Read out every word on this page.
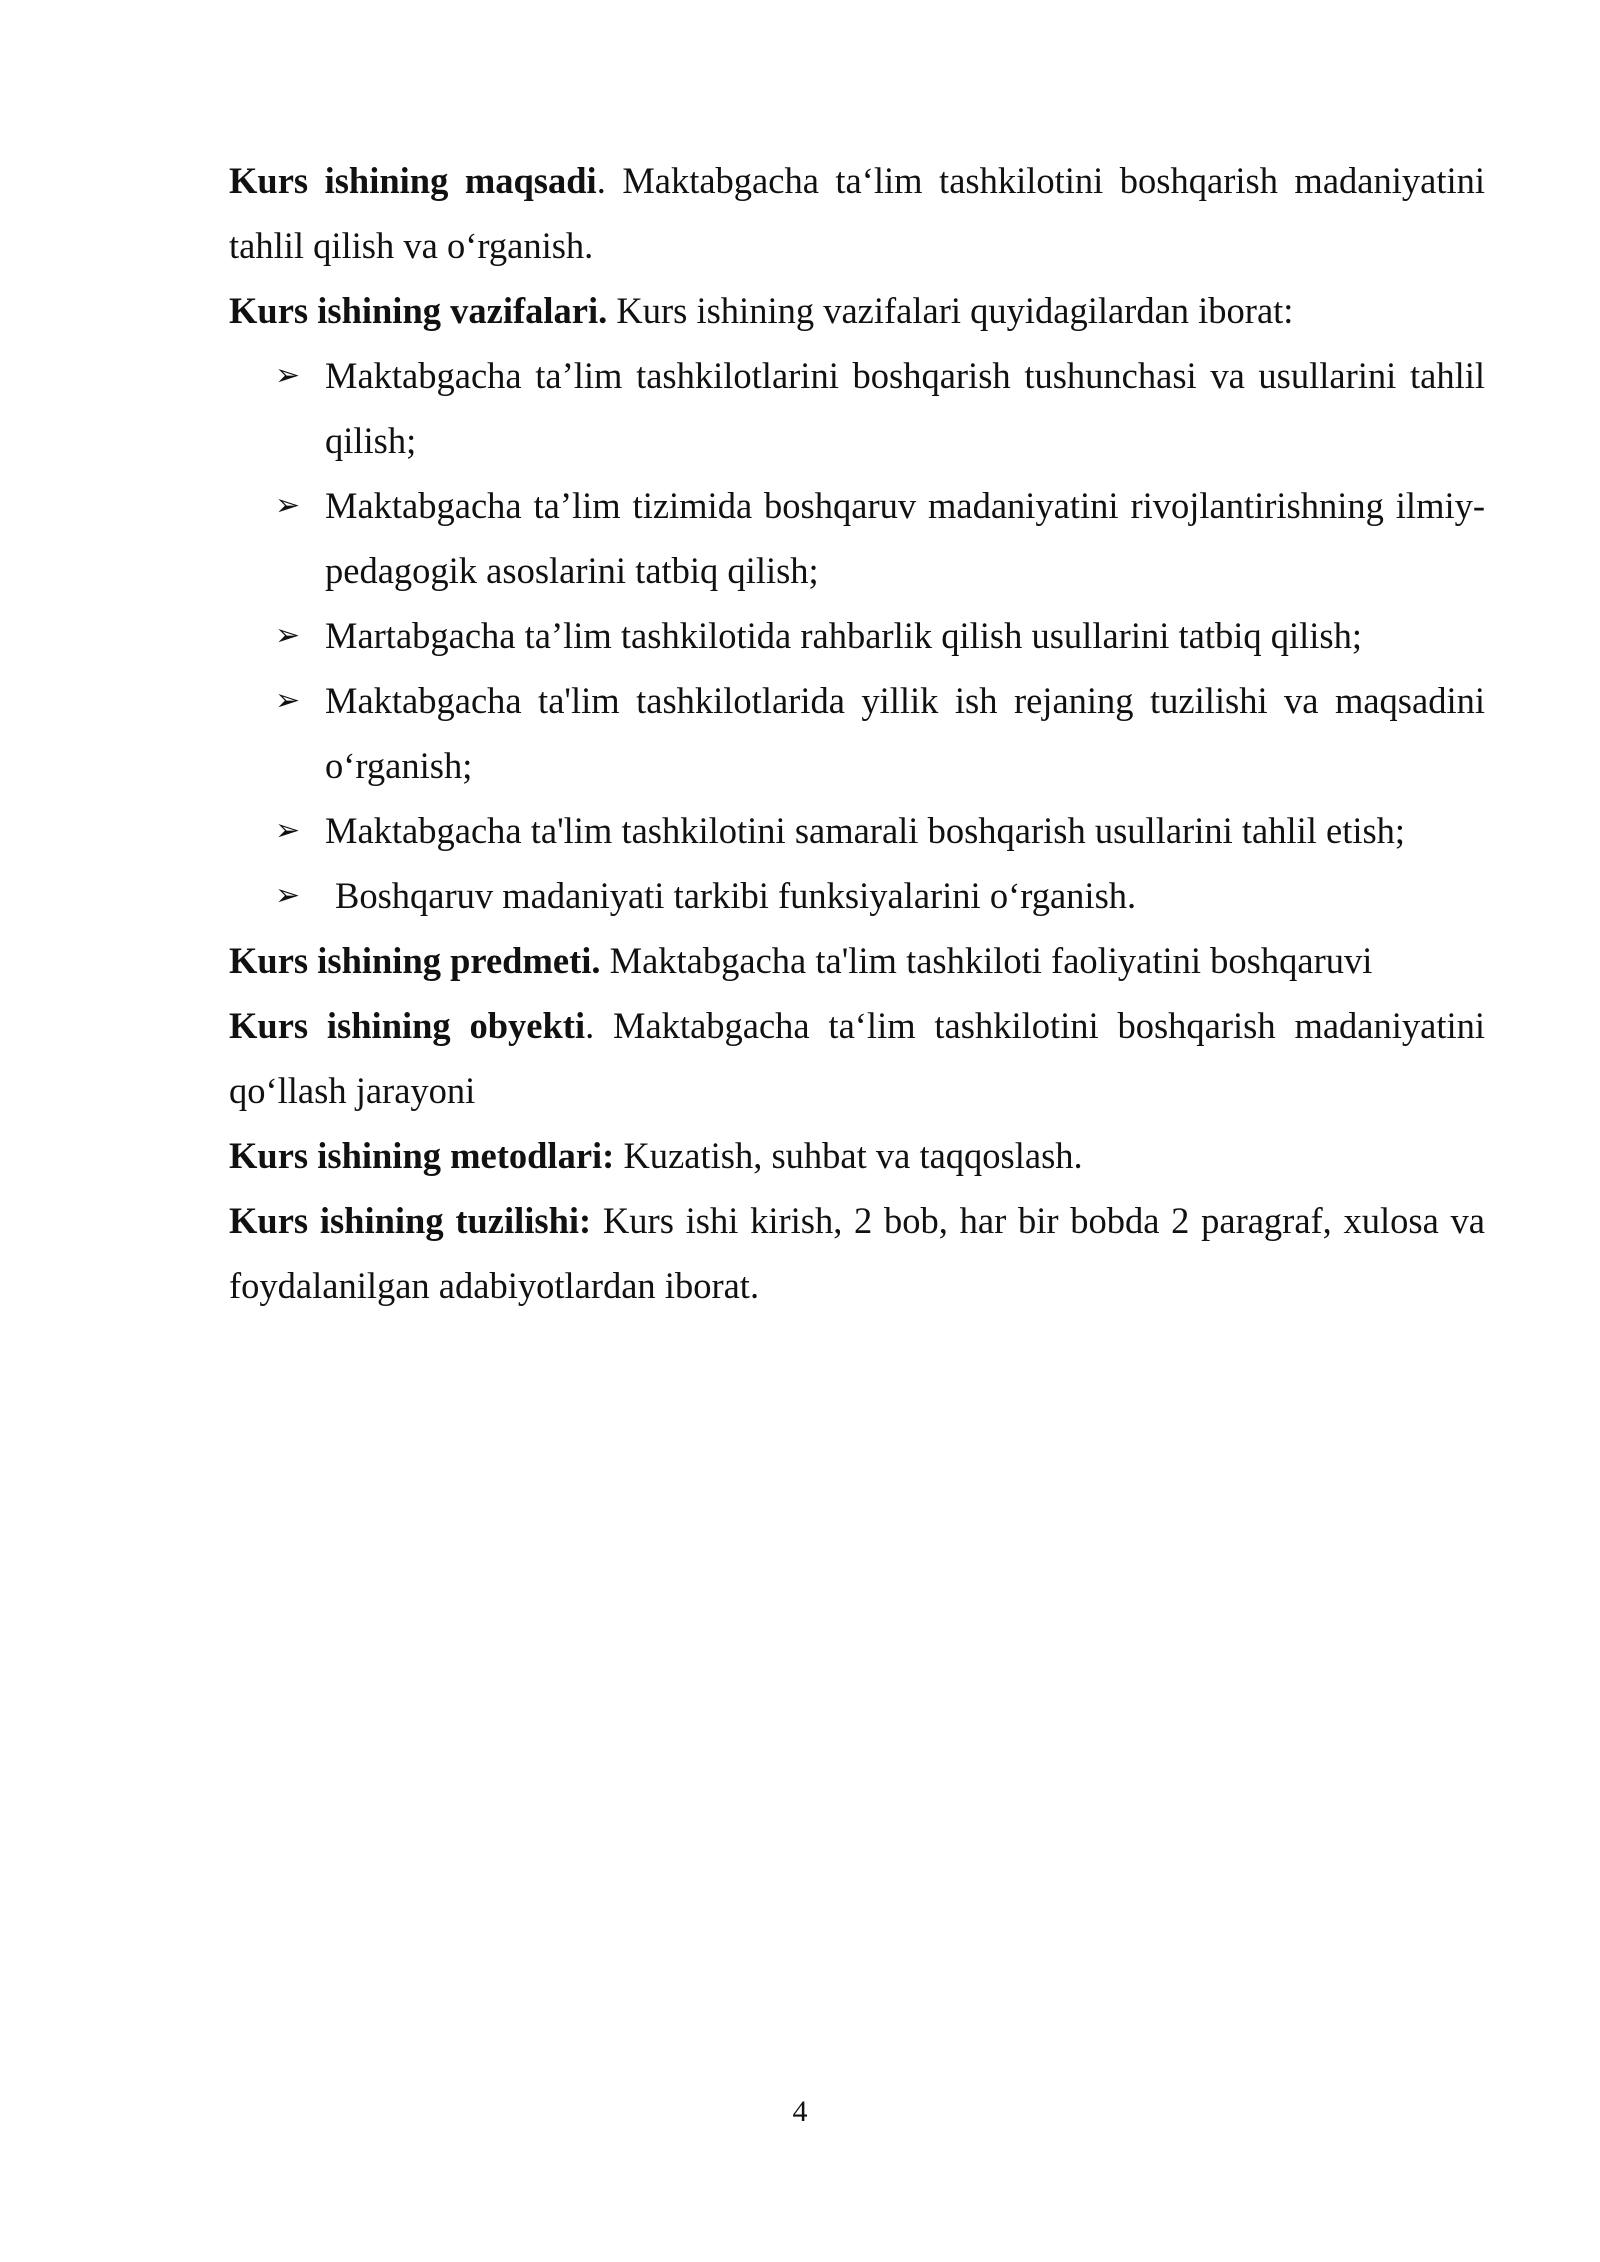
Kurs ishining maqsadi. Maktabgacha ta‘lim tashkilotini boshqarish madaniyatini tahlil qilish va o‘rganish.

Kurs ishining vazifalari. Kurs ishining vazifalari quyidagilardan iborat:

➢ Maktabgacha ta’lim tashkilotlarini boshqarish tushunchasi va usullarini tahlil qilish;
➢ Maktabgacha ta’lim tizimida boshqaruv madaniyatini rivojlantirishning ilmiy-pedagogik asoslarini tatbiq qilish;
➢ Martabgacha ta’lim tashkilotida rahbarlik qilish usullarini tatbiq qilish;
➢ Maktabgacha ta'lim tashkilotlarida yillik ish rejaning tuzilishi va maqsadini o‘rganish;
➢ Maktabgacha ta'lim tashkilotini samarali boshqarish usullarini tahlil etish;
➢ Boshqaruv madaniyati tarkibi funksiyalarini o‘rganish.

Kurs ishining predmeti. Maktabgacha ta'lim tashkiloti faoliyatini boshqaruvi

Kurs ishining obyekti. Maktabgacha ta‘lim tashkilotini boshqarish madaniyatini qo‘llash jarayoni

Kurs ishining metodlari: Kuzatish, suhbat va taqqoslash.

Kurs ishining tuzilishi: Kurs ishi kirish, 2 bob, har bir bobda 2 paragraf, xulosa va foydalanilgan adabiyotlardan iborat.

4
